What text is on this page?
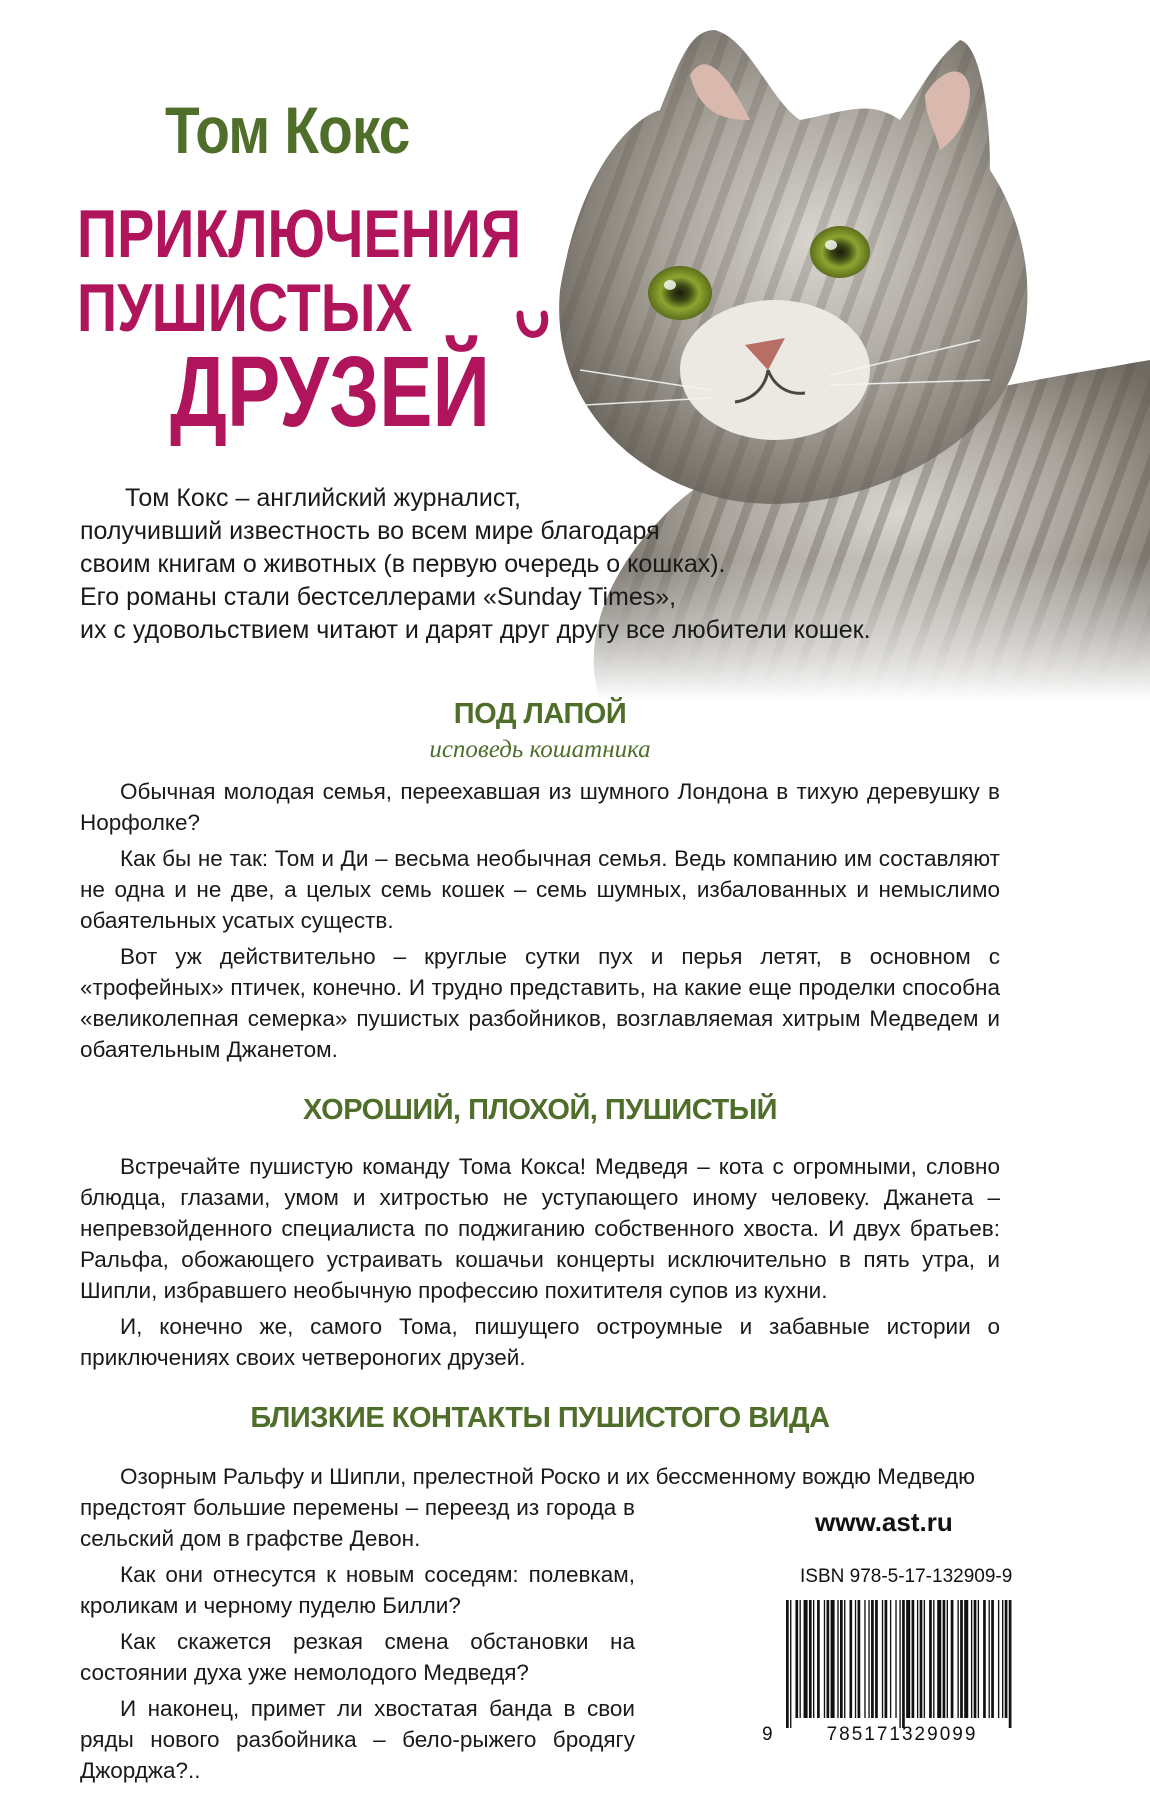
Том Кокс
ПРИКЛЮЧЕНИЯ
ПУШИСТЫХ
ДРУЗЕЙ

Том Кокс – английский журналист,

получивший известность во всем мире благодаря

своим книгам о животных (в первую очередь о кошках).

Его романы стали бестселлерами «Sunday Times»,

их с удовольствием читают и дарят друг другу все любители кошек.

ПОД ЛАПОЙ
исповедь кошатника

Обычная молодая семья, переехавшая из шумного Лондона в тихую деревушку в Норфолке?

Как бы не так: Том и Ди – весьма необычная семья. Ведь компанию им составляют не одна и не две, а целых семь кошек – семь шумных, избалованных и немыслимо обаятельных усатых существ.

Вот уж действительно – круглые сутки пух и перья летят, в основном с «трофейных» птичек, конечно. И трудно представить, на какие еще проделки способна «великолепная семерка» пушистых разбойников, возглавляемая хитрым Медведем и обаятельным Джанетом.

ХОРОШИЙ, ПЛОХОЙ, ПУШИСТЫЙ

Встречайте пушистую команду Тома Кокса! Медведя – кота с огромными, словно блюдца, глазами, умом и хитростью не уступающего иному человеку. Джанета – непревзойденного специалиста по поджиганию собственного хвоста. И двух братьев: Ральфа, обожающего устраивать кошачьи концерты исключительно в пять утра, и Шипли, избравшего необычную профессию похитителя супов из кухни.

И, конечно же, самого Тома, пишущего остроумные и забавные истории о приключениях своих четвероногих друзей.

БЛИЗКИЕ КОНТАКТЫ ПУШИСТОГО ВИДА

Озорным Ральфу и Шипли, прелестной Роско и их бессменному вождю Медведю

предстоят большие перемены – переезд из города в сельский дом в графстве Девон.

Как они отнесутся к новым соседям: полевкам, кроликам и черному пуделю Билли?

Как скажется резкая смена обстановки на состоянии духа уже немолодого Медведя?

И наконец, примет ли хвостатая банда в свои ряды нового разбойника – бело-рыжего бродягу Джорджа?..

www.ast.ru
ISBN 978-5-17-132909-9
9	785171329099
